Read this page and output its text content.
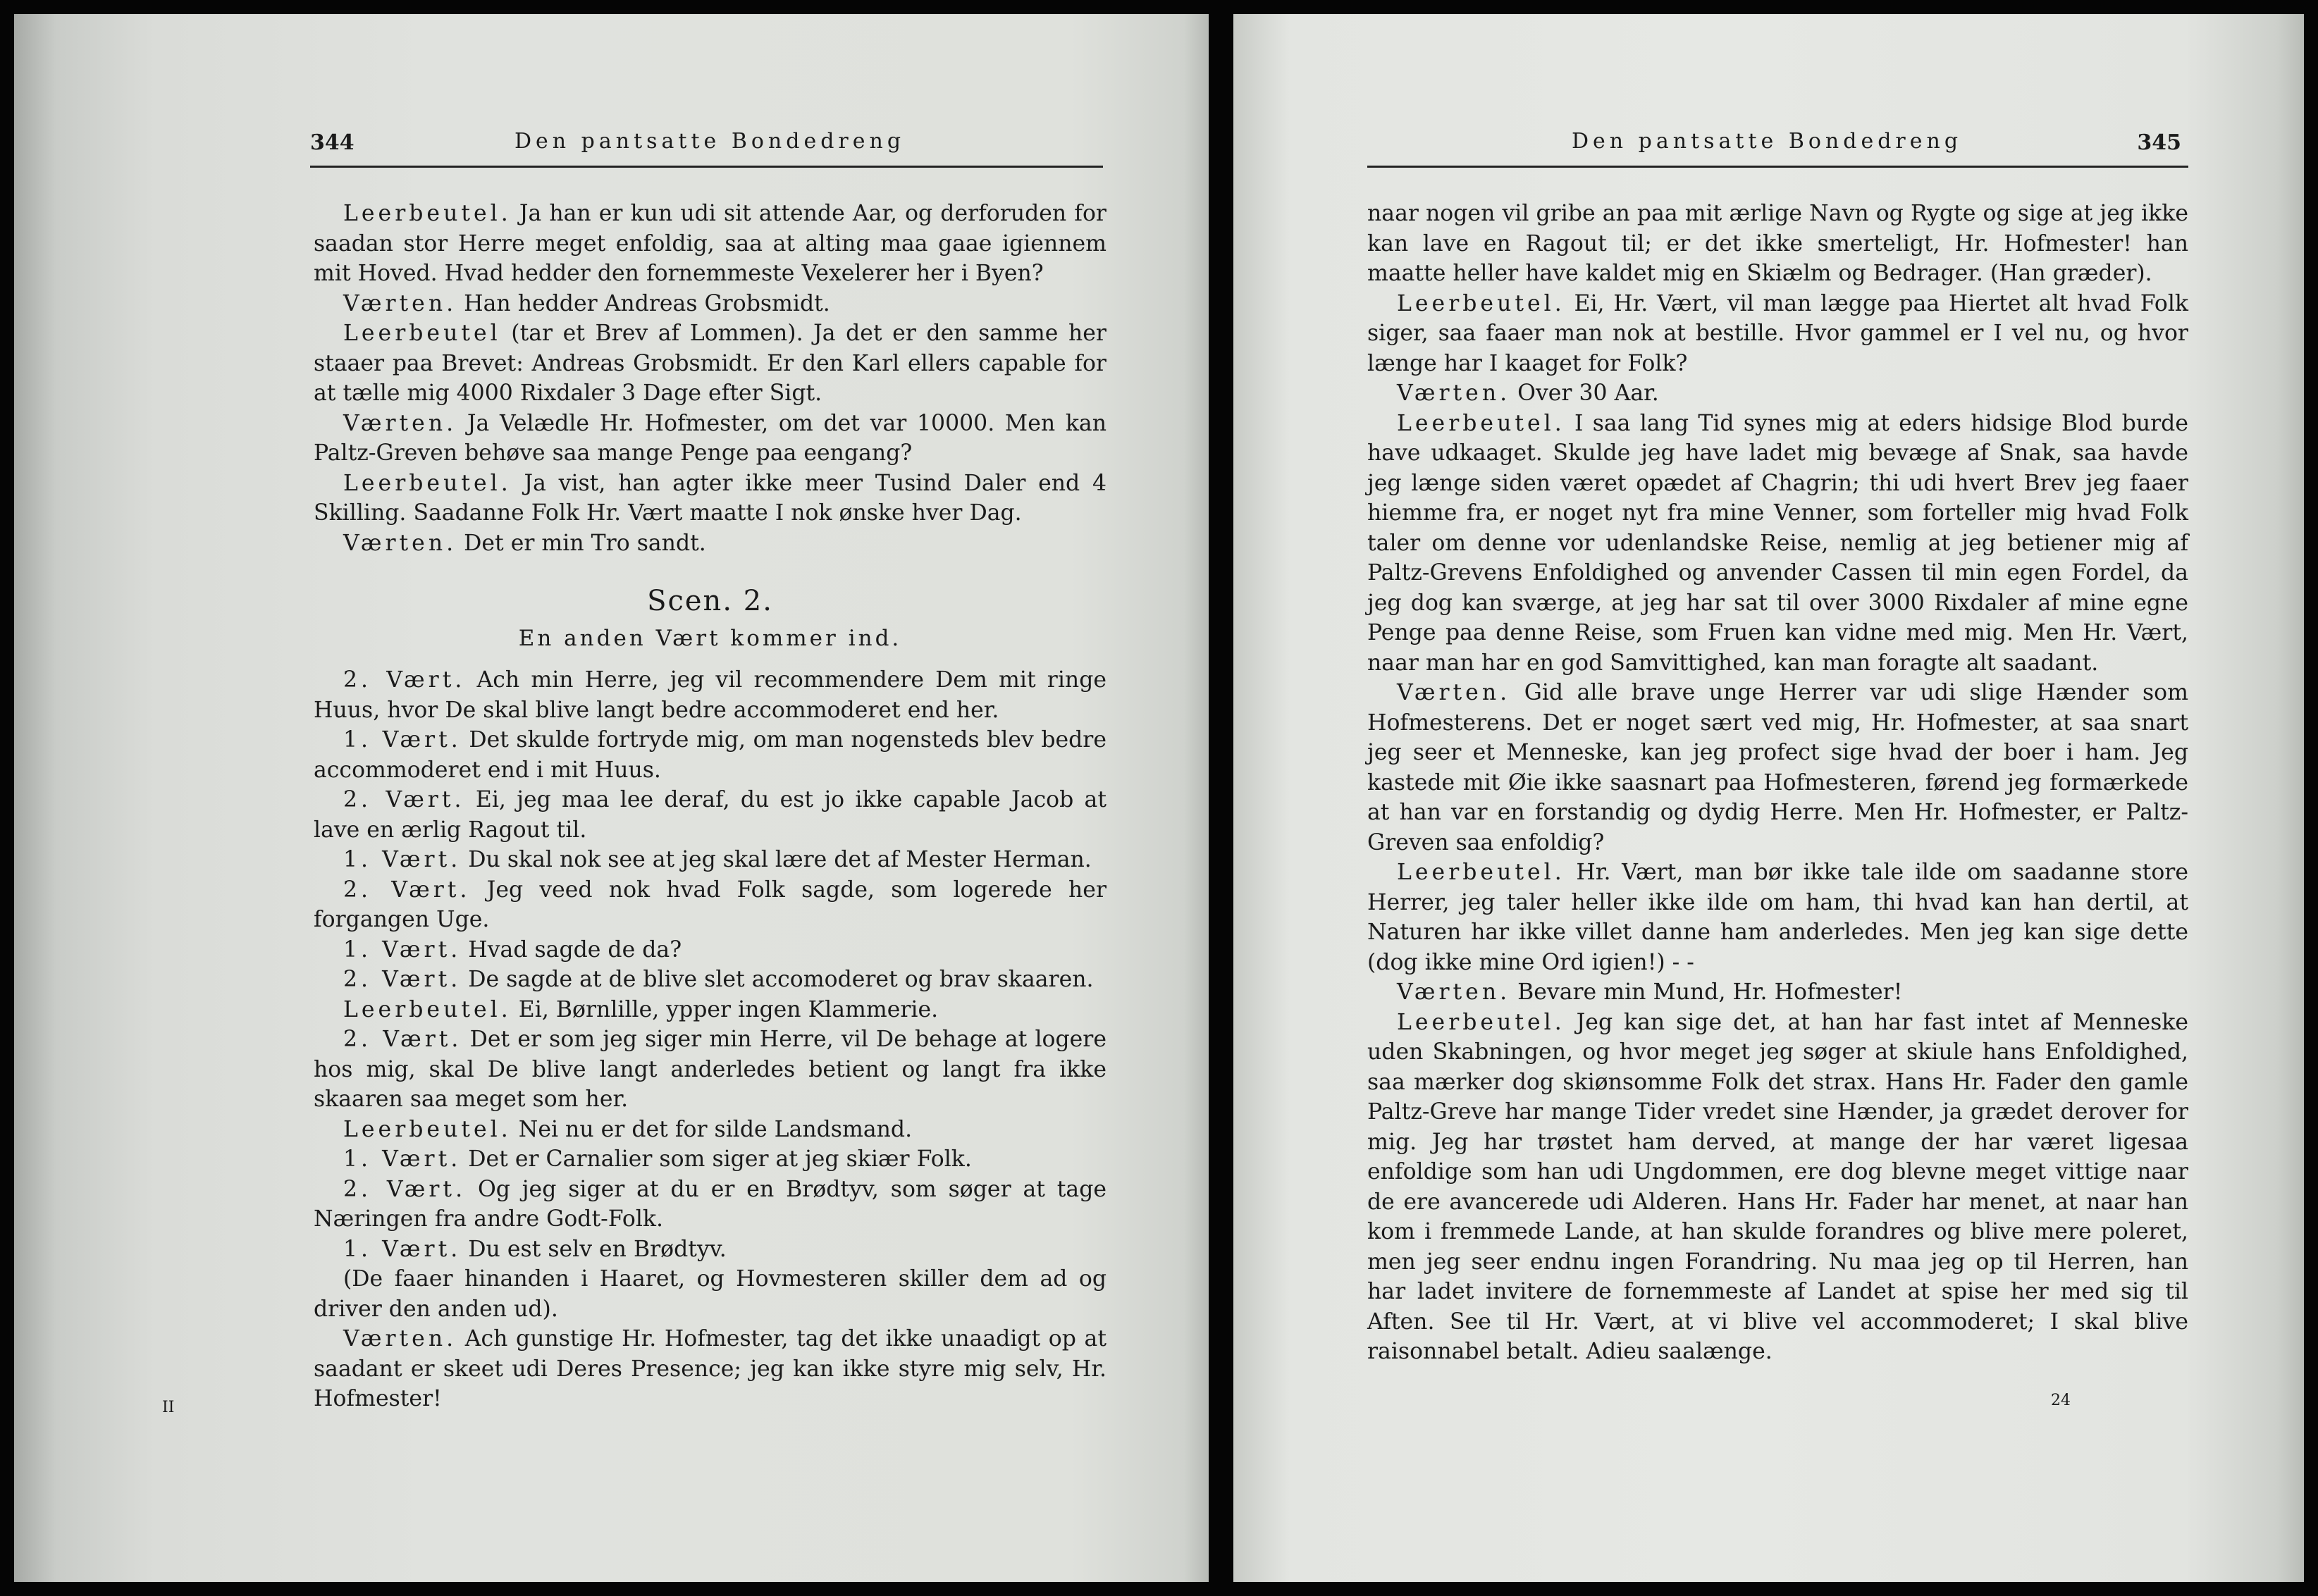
344	Den pantsatte Bondedreng

Leerbeutel. Ja han er kun udi sit attende Aar, og derforuden for saadan stor Herre meget enfoldig, saa at alting maa gaae igiennem mit Hoved. Hvad hedder den fornemmeste Vexelerer her i Byen?

Værten. Han hedder Andreas Grobsmidt.

Leerbeutel (tar et Brev af Lommen). Ja det er den samme her staaer paa Brevet: Andreas Grobsmidt. Er den Karl ellers capable for at tælle mig 4000 Rixdaler 3 Dage efter Sigt.

Værten. Ja Velædle Hr. Hofmester, om det var 10000. Men kan Paltz-Greven behøve saa mange Penge paa eengang?

Leerbeutel. Ja vist, han agter ikke meer Tusind Daler end 4 Skilling. Saadanne Folk Hr. Vært maatte I nok ønske hver Dag.

Værten. Det er min Tro sandt.

Scen. 2.
En anden Vært kommer ind.

2. Vært. Ach min Herre, jeg vil recommendere Dem mit ringe Huus, hvor De skal blive langt bedre accommoderet end her.

1. Vært. Det skulde fortryde mig, om man nogensteds blev bedre accommoderet end i mit Huus.

2. Vært. Ei, jeg maa lee deraf, du est jo ikke capable Jacob at lave en ærlig Ragout til.

1. Vært. Du skal nok see at jeg skal lære det af Mester Herman.

2. Vært. Jeg veed nok hvad Folk sagde, som logerede her forgangen Uge.

1. Vært. Hvad sagde de da?

2. Vært. De sagde at de blive slet accomoderet og brav skaaren.

Leerbeutel. Ei, Børnlille, ypper ingen Klammerie.

2. Vært. Det er som jeg siger min Herre, vil De behage at logere hos mig, skal De blive langt anderledes betient og langt fra ikke skaaren saa meget som her.

Leerbeutel. Nei nu er det for silde Landsmand.

1. Vært. Det er Carnalier som siger at jeg skiær Folk.

2. Vært. Og jeg siger at du er en Brødtyv, som søger at tage Næringen fra andre Godt-Folk.

1. Vært. Du est selv en Brødtyv.

(De faaer hinanden i Haaret, og Hovmesteren skiller dem ad og driver den anden ud).

Værten. Ach gunstige Hr. Hofmester, tag det ikke unaadigt op at saadant er skeet udi Deres Presence; jeg kan ikke styre mig selv, Hr. Hofmester!

II
Den pantsatte Bondedreng	345

naar nogen vil gribe an paa mit ærlige Navn og Rygte og sige at jeg ikke kan lave en Ragout til; er det ikke smerteligt, Hr. Hofmester! han maatte heller have kaldet mig en Skiælm og Bedrager. (Han græder).

Leerbeutel. Ei, Hr. Vært, vil man lægge paa Hiertet alt hvad Folk siger, saa faaer man nok at bestille. Hvor gammel er I vel nu, og hvor længe har I kaaget for Folk?

Værten. Over 30 Aar.

Leerbeutel. I saa lang Tid synes mig at eders hidsige Blod burde have udkaaget. Skulde jeg have ladet mig bevæge af Snak, saa havde jeg længe siden været opædet af Chagrin; thi udi hvert Brev jeg faaer hiemme fra, er noget nyt fra mine Venner, som forteller mig hvad Folk taler om denne vor udenlandske Reise, nemlig at jeg betiener mig af Paltz-Grevens Enfoldighed og anvender Cassen til min egen Fordel, da jeg dog kan sværge, at jeg har sat til over 3000 Rixdaler af mine egne Penge paa denne Reise, som Fruen kan vidne med mig. Men Hr. Vært, naar man har en god Samvittighed, kan man foragte alt saadant.

Værten. Gid alle brave unge Herrer var udi slige Hænder som Hofmesterens. Det er noget sært ved mig, Hr. Hofmester, at saa snart jeg seer et Menneske, kan jeg profect sige hvad der boer i ham. Jeg kastede mit Øie ikke saasnart paa Hofmesteren, førend jeg formærkede at han var en forstandig og dydig Herre. Men Hr. Hofmester, er Paltz-Greven saa enfoldig?

Leerbeutel. Hr. Vært, man bør ikke tale ilde om saadanne store Herrer, jeg taler heller ikke ilde om ham, thi hvad kan han dertil, at Naturen har ikke villet danne ham anderledes. Men jeg kan sige dette (dog ikke mine Ord igien!) - -

Værten. Bevare min Mund, Hr. Hofmester!

Leerbeutel. Jeg kan sige det, at han har fast intet af Menneske uden Skabningen, og hvor meget jeg søger at skiule hans Enfoldighed, saa mærker dog skiønsomme Folk det strax. Hans Hr. Fader den gamle Paltz-Greve har mange Tider vredet sine Hænder, ja grædet derover for mig. Jeg har trøstet ham derved, at mange der har været ligesaa enfoldige som han udi Ungdommen, ere dog blevne meget vittige naar de ere avancerede udi Alderen. Hans Hr. Fader har menet, at naar han kom i fremmede Lande, at han skulde forandres og blive mere poleret, men jeg seer endnu ingen Forandring. Nu maa jeg op til Herren, han har ladet invitere de fornemmeste af Landet at spise her med sig til Aften. See til Hr. Vært, at vi blive vel accommoderet; I skal blive raisonnabel betalt. Adieu saalænge.

24
